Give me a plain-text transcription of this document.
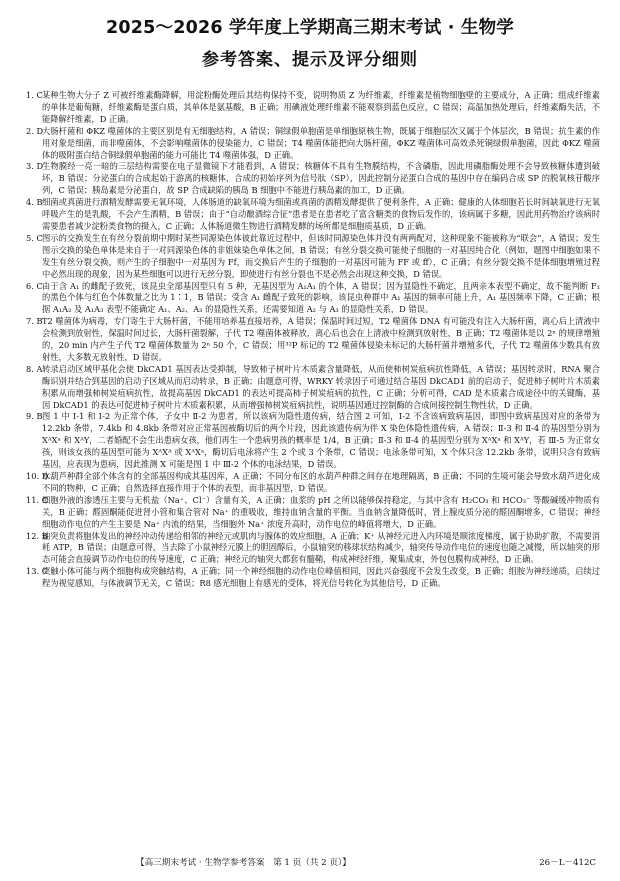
2025～2026 学年度上学期高三期末考试 · 生物学
参考答案、提示及评分细则
1. C 某种生物大分子 Z 可被纤维素酶降解，用淀粉酶处理后其结构保持不变，说明物质 Z 为纤维素，纤维素是植物细胞壁的主要成分，A 正确；组成纤维素的单体是葡萄糖，纤维素酶是蛋白质，其单体是氨基酸，B 正确；用碘液处理纤维素不能观察到蓝色反应，C 错误；高温加热处理后，纤维素酶失活，不能降解纤维素，D 正确。
2. D
大肠杆菌和 ΦKZ 噬菌体的主要区别是有无细胞结构，A 错误；铜绿假单胞菌是单细胞原核生物，既属于细胞层次又属于个体层次，B 错误；抗生素的作用对象是细菌，而非噬菌体，不会影响噬菌体的侵染能力，C 错误；T4 噬菌体能把向大肠杆菌，ΦKZ 噬菌体可高效杀死铜绿假单胞菌，因此 ΦKZ 噬菌体的吸附蛋白结合铜绿假单胞菌的能力可能比 T4 噬菌体强，D 正确。
3. D
生物膜经一亮一暗的三层结构需要在电子显微镜下才能看到，A 错误；核糖体不具有生物膜结构，不含磷脂，因此用磷脂酶处理不会导致核糖体遭到破坏，B 错误；分泌蛋白的合成起始于游离的核糖体，合成的初始序列为信号肽（SP），因此控制分泌蛋白合成的基因中存在编码合成 SP 的脱氧核苷酸序列，C 错误；胰岛素是分泌蛋白，故 SP 合成缺陷的胰岛 B 细胞中不能进行胰岛素的加工，D 正确。
4. B 细菌或真菌进行酒精发酵需要无氧环境，人体肠道的缺氧环境为细菌或真菌的酒精发酵提供了便利条件，A 正确；健康的人体细胞若长时间缺氧进行无氧呼吸产生的是乳酸，不会产生酒精，B 错误；由于“自动酿酒综合征”患者是在患者吃了富含糖类的食物后发作的，该病属于多糖，因此用药物治疗该病时需要患者减少淀粉类食物的摄入，C 正确；人体肠道微生物进行酒精发酵的场所都是细胞质基质，D 正确。
5. C 图示的交换发生在有丝分裂前期中期时某些同源染色体彼此靠近过程中，但该时同源染色体并没有两两配对，这种现象不能被称为“联会”，A 错误；发生图示交换的染色单体是来自于一对同源染色体的非姐妹染色单体之间，B 错误；有丝分裂交换可能使子细胞的一对基因纯合化（例如，题图中细胞如果不发生有丝分裂交换，则产生的子细胞中一对基因为 Ff，而交换后产生的子细胞的一对基因可能为 FF 或 ff），C 正确；有丝分裂交换不是体细胞增殖过程中必然出现的现象，因为某些细胞可以进行无丝分裂，即使进行有丝分裂也不是必然会出现这种交换，D 错误。
6. C 由于含 A₁ 的雌配子致死，该昆虫全部基因型只有 5 种，无基因型为 A₁A₁ 的个体，A 错误；因为显隐性不确定，且两亲本表型不确定，故不能判断 F₁ 的黑色个体与红色个体数量之比为 1∶1，B 错误；受含 A₁ 雌配子致死的影响，该昆虫种群中 A₁ 基因的频率可能上升，A₁ 基因频率下降，C 正确；根据 A₁A₂ 及 A₁A₃ 表型不能确定 A₁、A₂、A₃ 的显隐性关系，还需要知道 A₂ 与 A₃ 的显隐性关系，D 错误。
7. B T2 噬菌体为病毒，专门寄生于大肠杆菌，不能用培养基直接培养，A 错误；保温时间过短，T2 噬菌体 DNA 有可能没有注入大肠杆菌，离心后上清液中会检测到放射性，保温时间过长，大肠杆菌裂解，子代 T2 噬菌体被释放，离心后也会在上清液中检测到放射性，B 正确；T2 噬菌体是以 2ⁿ 的规律增殖的，20 min 内产生子代 T2 噬菌体数量为 2ⁿ 50 个，C 错误；用³²P 标记的 T2 噬菌体侵染未标记的大肠杆菌并增殖多代，子代 T2 噬菌体少数具有放射性，大多数无放射性，D 错误。
8. A 转录启动区域甲基化会使 DkCAD1 基因表达受抑制，导致柿子树叶片木质素含量降低，从而使柿树炭疽病抗性降低，A 错误；基因转录时，RNA 聚合酶识别并结合到基因的启动子区域从而启动转录，B 正确；由题意可得，WRKY 转录因子可通过结合基因 DkCAD1 前的启动子，促进柿子树叶片木质素积累从而增强柿树炭疽病抗性，故提高基因 DkCAD1 的表达可提高柿子树炭疽病的抗性，C 正确；分析可得，CAD 是木质素合成途径中的关键酶，基因 DkCAD1 的表达可促进柿子树叶片木质素积累，从而增强柿树炭疽病抗性，说明基因通过控制酶的合成间接控制生物性状，D 正确。
9. B 图 1 中 Ⅰ-1 和 Ⅰ-2 为正常个体，子女中 Ⅱ-2 为患者，所以该病为隐性遗传病，结合图 2 可知，Ⅰ-2 不含该病致病基因，即图中致病基因对应的条带为 12.2kb 条带，7.4kb 和 4.8kb 条带对应正常基因被酶切后的两个片段，因此该遗传病为伴 X 染色体隐性遗传病，A 错误；Ⅱ-3 和 Ⅱ-4 的基因型分别为 XᴬXᵃ 和 XᴬY，二者婚配不会生出患病女孩，他们再生一个患病男孩的概率是 1/4，B 正确；Ⅱ-3 和 Ⅱ-4 的基因型分别为 XᴬXᵃ 和 XᴬY，若 Ⅲ-5 为正常女孩，则该女孩的基因型可能为 XᴬXᴬ 或 XᴬXᵃ，酶切后电泳将产生 2 个或 3 个条带，C 错误；电泳条带可知，X 个体只含 12.2kb 条带，说明只含有致病基因，应表现为患病，因此推测 X 可能是图 1 中 Ⅲ-2 个体的电泳结果，D 错误。
10. D
水葫芦种群全部个体含有的全部基因构成其基因库，A 正确；不同分布区的水葫芦种群之间存在地理隔离，B 正确；不同的生境可能会导致水葫芦进化成不同的物种，C 正确；自然选择直接作用于个体的表型，而非基因型，D 错误。
11. C
细胞外液的渗透压主要与无机盐（Na⁺、Cl⁻）含量有关，A 正确；血浆的 pH 之所以能够保持稳定，与其中含有 H₂CO₃ 和 HCO₃⁻ 等酸碱缓冲物质有关，B 正确；醛固酮能促进肾小管和集合管对 Na⁺ 的重吸收，维持血钠含量的平衡。当血钠含量降低时，肾上腺皮质分泌的醛固酮增多，C 错误；神经细胞动作电位的产生主要是 Na⁺ 内流的结果，当细胞外 Na⁺ 浓度升高时，动作电位的峰值将增大，D 正确。
12. B
轴突负责将胞体发出的神经冲动传递给相邻的神经元或肌肉与腺体的效应细胞，A 正确；K⁺ 从神经元进入内环境是顺浓度梯度，属于协助扩散，不需要消耗 ATP，B 错误；由题意可得，当去除了小鼠神经元膜上的胆固醇后，小鼠轴突的移球状结构减少，轴突传导动作电位的速度也随之减慢，所以轴突的形态可能会直接调节动作电位的传导速度，C 正确；神经元的轴突大都套有髓鞘，构成神经纤维，聚集成束，外包包膜构成神经，D 正确。
13. C
突触小体可能与两个细胞构成突触结构，A 正确；同一个神经细胞的动作电位峰值相同，因此兴奋强度不会发生改变，B 正确；组胺为神经递质，启续过程为视觉感知，与体液调节无关，C 错误；R8 感光细胞上有感光的受体，将光信号转化为其他信号，D 正确。
【高三期末考试 · 生物学参考答案　第 1 页（共 2 页）】	26－L－412C
